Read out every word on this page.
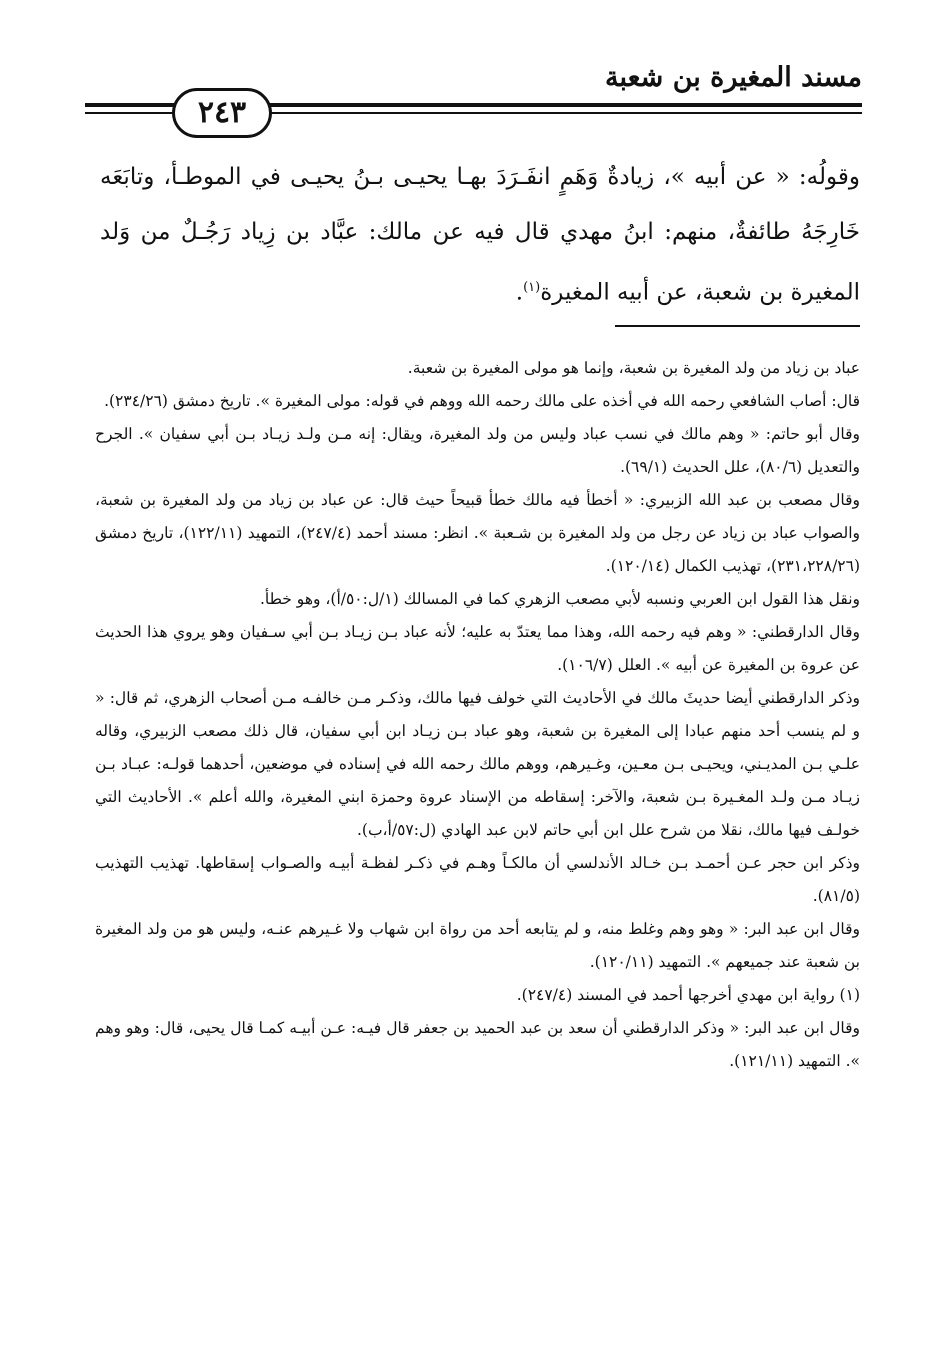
مسند المغيرة بن شعبة
٢٤٣

وقولُه: « عن أبيه »، زيادةٌ وَهَمٍ انفَـرَدَ بهـا يحيـى بـنُ يحيـى في الموطـأ، وتابَعَه خَارِجَهُ طائفةٌ، منهم: ابنُ مهدي قال فيه عن مالك: عبَّاد بن زِياد رَجُـلٌ من وَلد المغيرة بن شعبة، عن أبيه المغيرة$^{(١)}$.

عباد بن زياد من ولد المغيرة بن شعبة، وإنما هو مولى المغيرة بن شعبة.

قال: أصاب الشافعي رحمه الله في أخذه على مالك رحمه الله ووهم في قوله: مولى المغيرة ». تاريخ دمشق (٢٣٤/٢٦).

وقال أبو حاتم: « وهم مالك في نسب عباد وليس من ولد المغيرة، ويقال: إنه مـن ولـد زيـاد بـن أبي سفيان ». الجرح والتعديل (٨٠/٦)، علل الحديث (٦٩/١).

وقال مصعب بن عبد الله الزبيري: « أخطأ فيه مالك خطأ قبيحاً حيث قال: عن عباد بن زياد من ولد المغيرة بن شعبة، والصواب عباد بن زياد عن رجل من ولد المغيرة بن شـعبة ». انظر: مسند أحمد (٢٤٧/٤)، التمهيد (١٢٢/١١)، تاريخ دمشق (٢٣١،٢٢٨/٢٦)، تهذيب الكمال (١٢٠/١٤).

ونقل هذا القول ابن العربي ونسبه لأبي مصعب الزهري كما في المسالك (١/ل:٥٠/أ)، وهو خطأ.

وقال الدارقطني: « وهم فيه رحمه الله، وهذا مما يعتدّ به عليه؛ لأنه عباد بـن زيـاد بـن أبي سـفيان وهو يروي هذا الحديث عن عروة بن المغيرة عن أبيه ». العلل (١٠٦/٧).

وذكر الدارقطني أيضا حديثَ مالك في الأحاديث التي خولف فيها مالك، وذكـر مـن خالفـه مـن أصحاب الزهري، ثم قال: « و لم ينسب أحد منهم عبادا إلى المغيرة بن شعبة، وهو عباد بـن زيـاد ابن أبي سفيان، قال ذلك مصعب الزبيري، وقاله علـي بـن المديـني، ويحيـى بـن معـين، وغـيرهم، ووهم مالك رحمه الله في إسناده في موضعين، أحدهما قولـه: عبـاد بـن زيـاد مـن ولـد المغـيرة بـن شعبة، والآخر: إسقاطه من الإسناد عروة وحمزة ابني المغيرة، والله أعلم ». الأحاديث التي خولـف فيها مالك، نقلا من شرح علل ابن أبي حاتم لابن عبد الهادي (ل:٥٧/أ،ب).

وذكر ابن حجر عـن أحمـد بـن خـالد الأندلسي أن مالكـاً وهـم في ذكـر لفظـة أبيـه والصـواب إسقاطها. تهذيب التهذيب (٨١/٥).

وقال ابن عبد البر: « وهو وهم وغلط منه، و لم يتابعه أحد من رواة ابن شهاب ولا غـيرهم عنـه، وليس هو من ولد المغيرة بن شعبة عند جميعهم ». التمهيد (١٢٠/١١).

(١) رواية ابن مهدي أخرجها أحمد في المسند (٢٤٧/٤).

وقال ابن عبد البر: « وذكر الدارقطني أن سعد بن عبد الحميد بن جعفر قال فيـه: عـن أبيـه كمـا قال يحيى، قال: وهو وهم ». التمهيد (١٢١/١١).
